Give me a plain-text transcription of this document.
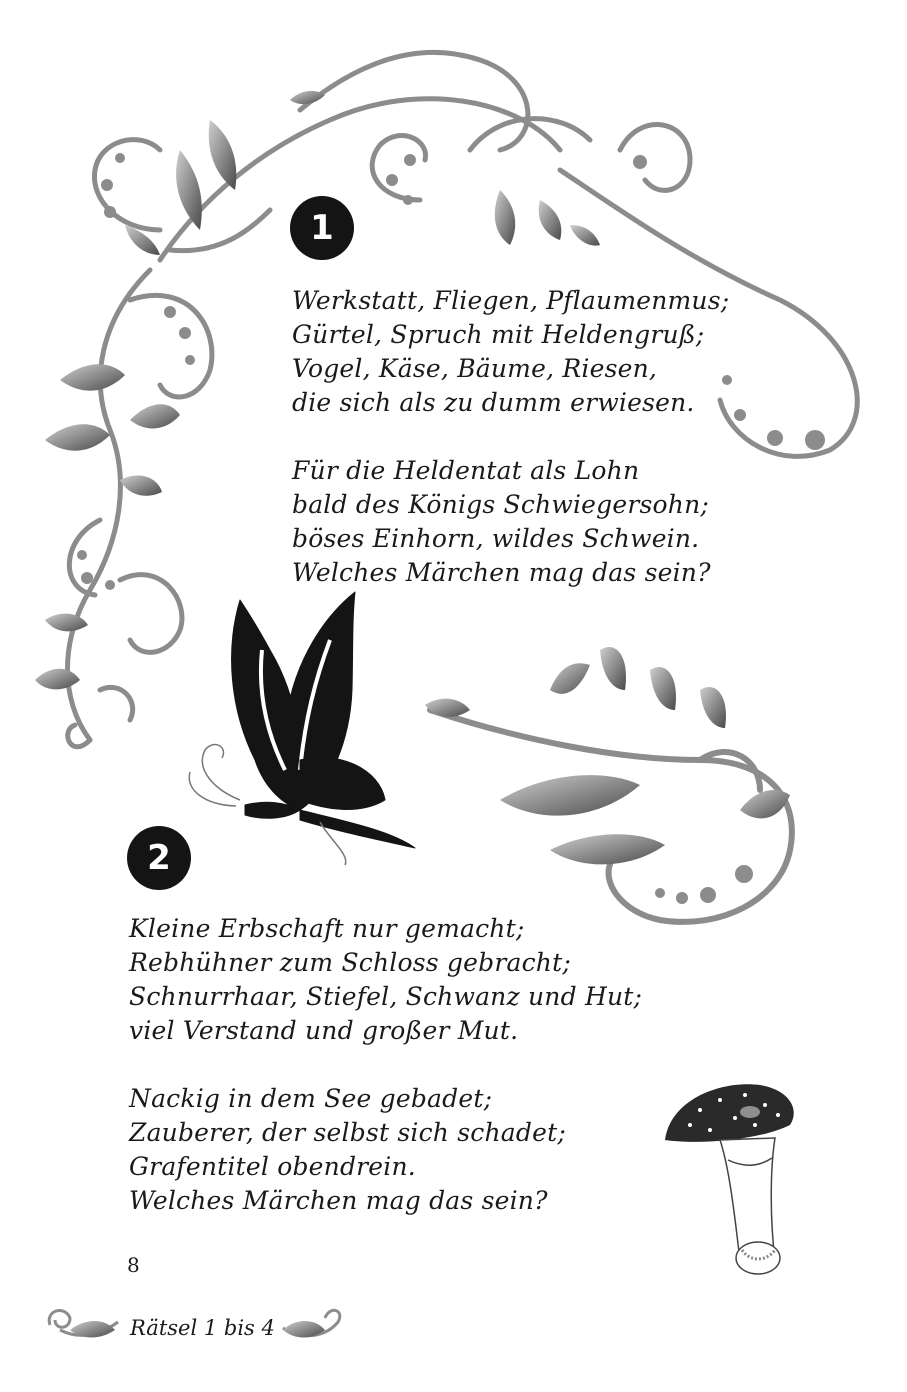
1
Werkstatt, Fliegen, Pflaumenmus;
Gürtel, Spruch mit Heldengruß;
Vogel, Käse, Bäume, Riesen,
die sich als zu dumm erwiesen.
Für die Heldentat als Lohn
bald des Königs Schwiegersohn;
böses Einhorn, wildes Schwein.
Welches Märchen mag das sein?
2
Kleine Erbschaft nur gemacht;
Rebhühner zum Schloss gebracht;
Schnurrhaar, Stiefel, Schwanz und Hut;
viel Verstand und großer Mut.
Nackig in dem See gebadet;
Zauberer, der selbst sich schadet;
Grafentitel obendrein.
Welches Märchen mag das sein?
8
Rätsel 1 bis 4
